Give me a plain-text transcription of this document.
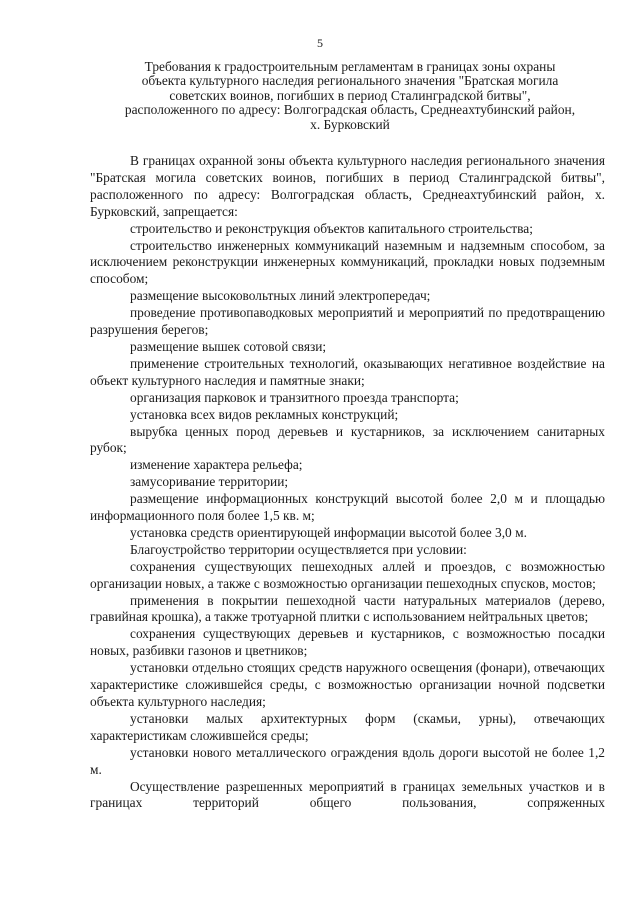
5
Требования к градостроительным регламентам в границах зоны охраны
объекта культурного наследия регионального значения "Братская могила
советских воинов, погибших в период Сталинградской битвы",
расположенного по адресу: Волгоградская область, Среднеахтубинский район,
х. Бурковский
В границах охранной зоны объекта культурного наследия регионального значения "Братская могила советских воинов, погибших в период Сталинградской битвы", расположенного по адресу: Волгоградская область, Среднеахтубинский район, х. Бурковский, запрещается:
строительство и реконструкция объектов капитального строительства;
строительство инженерных коммуникаций наземным и надземным способом, за исключением реконструкции инженерных коммуникаций, прокладки новых подземным способом;
размещение высоковольтных линий электропередач;
проведение противопаводковых мероприятий и мероприятий по предотвращению разрушения берегов;
размещение вышек сотовой связи;
применение строительных технологий, оказывающих негативное воздействие на объект культурного наследия и памятные знаки;
организация парковок и транзитного проезда транспорта;
установка всех видов рекламных конструкций;
вырубка ценных пород деревьев и кустарников, за исключением санитарных рубок;
изменение характера рельефа;
замусоривание территории;
размещение информационных конструкций высотой более 2,0 м и площадью информационного поля более 1,5 кв. м;
установка средств ориентирующей информации высотой более 3,0 м.
Благоустройство территории осуществляется при условии:
сохранения существующих пешеходных аллей и проездов, с возможностью организации новых, а также с возможностью организации пешеходных спусков, мостов;
применения в покрытии пешеходной части натуральных материалов (дерево, гравийная крошка), а также тротуарной плитки с использованием нейтральных цветов;
сохранения существующих деревьев и кустарников, с возможностью посадки новых, разбивки газонов и цветников;
установки отдельно стоящих средств наружного освещения (фонари), отвечающих характеристике сложившейся среды, с возможностью организации ночной подсветки объекта культурного наследия;
установки малых архитектурных форм (скамьи, урны), отвечающих характеристикам сложившейся среды;
установки нового металлического ограждения вдоль дороги высотой не более 1,2 м.
Осуществление разрешенных мероприятий в границах земельных участков и в границах территорий общего пользования, сопряженных
